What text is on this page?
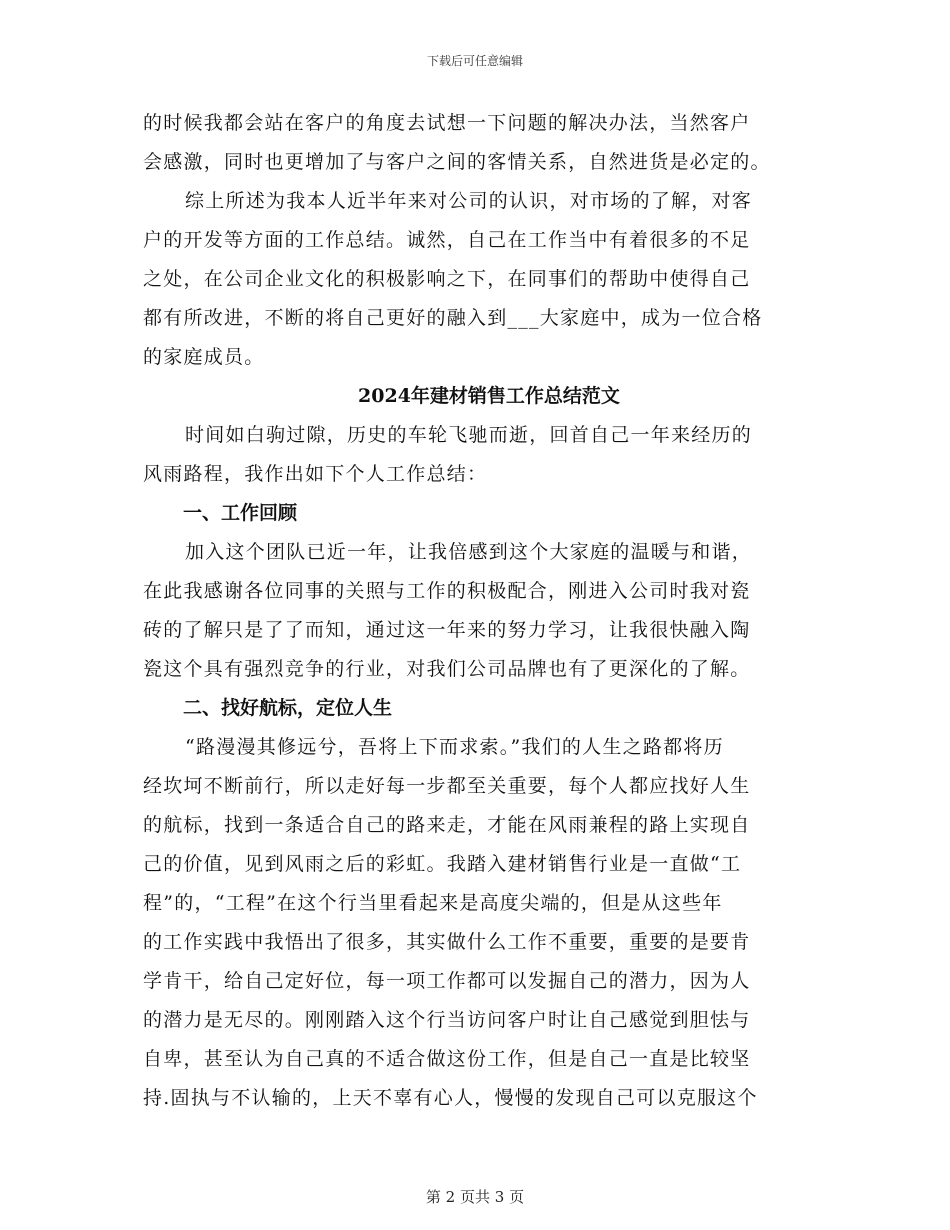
下载后可任意编辑
的时候我都会站在客户的角度去试想一下问题的解决办法，当然客户
会感激，同时也更增加了与客户之间的客情关系，自然进货是必定的。
综上所述为我本人近半年来对公司的认识，对市场的了解，对客
户的开发等方面的工作总结。诚然，自己在工作当中有着很多的不足
之处，在公司企业文化的积极影响之下，在同事们的帮助中使得自己
都有所改进，不断的将自己更好的融入到___大家庭中，成为一位合格
的家庭成员。
2024年建材销售工作总结范文
时间如白驹过隙，历史的车轮飞驰而逝，回首自己一年来经历的
风雨路程，我作出如下个人工作总结：
一、工作回顾
加入这个团队已近一年，让我倍感到这个大家庭的温暖与和谐，
在此我感谢各位同事的关照与工作的积极配合，刚进入公司时我对瓷
砖的了解只是了了而知，通过这一年来的努力学习，让我很快融入陶
瓷这个具有强烈竞争的行业，对我们公司品牌也有了更深化的了解。
二、找好航标，定位人生
“路漫漫其修远兮，吾将上下而求索。”我们的人生之路都将历
经坎坷不断前行，所以走好每一步都至关重要，每个人都应找好人生
的航标，找到一条适合自己的路来走，才能在风雨兼程的路上实现自
己的价值，见到风雨之后的彩虹。我踏入建材销售行业是一直做“工
程”的，“工程”在这个行当里看起来是高度尖端的，但是从这些年
的工作实践中我悟出了很多，其实做什么工作不重要，重要的是要肯
学肯干，给自己定好位，每一项工作都可以发掘自己的潜力，因为人
的潜力是无尽的。刚刚踏入这个行当访问客户时让自己感觉到胆怯与
自卑，甚至认为自己真的不适合做这份工作，但是自己一直是比较坚
持.固执与不认输的，上天不辜有心人，慢慢的发现自己可以克服这个
第 2 页共 3 页
